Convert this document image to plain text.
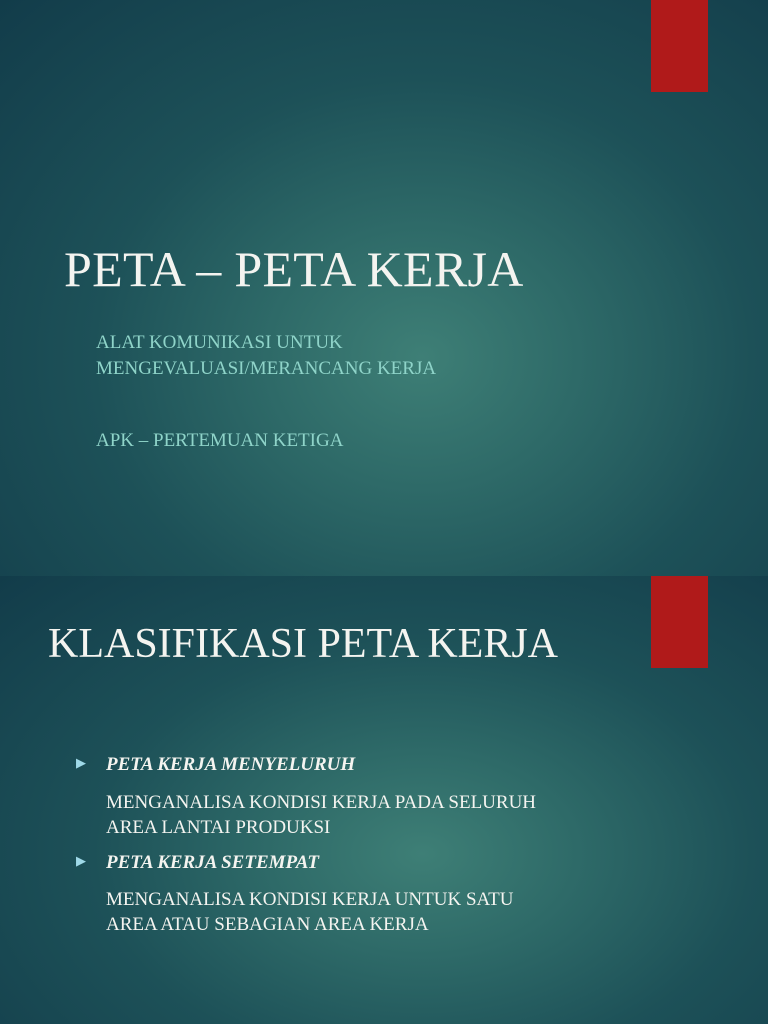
PETA – PETA KERJA
ALAT KOMUNIKASI UNTUK
MENGEVALUASI/MERANCANG KERJA
APK – PERTEMUAN KETIGA
KLASIFIKASI PETA KERJA
▶ PETA KERJA MENYELURUH
MENGANALISA KONDISI KERJA PADA SELURUH
AREA LANTAI PRODUKSI
▶ PETA KERJA SETEMPAT
MENGANALISA KONDISI KERJA UNTUK SATU
AREA ATAU SEBAGIAN AREA KERJA
